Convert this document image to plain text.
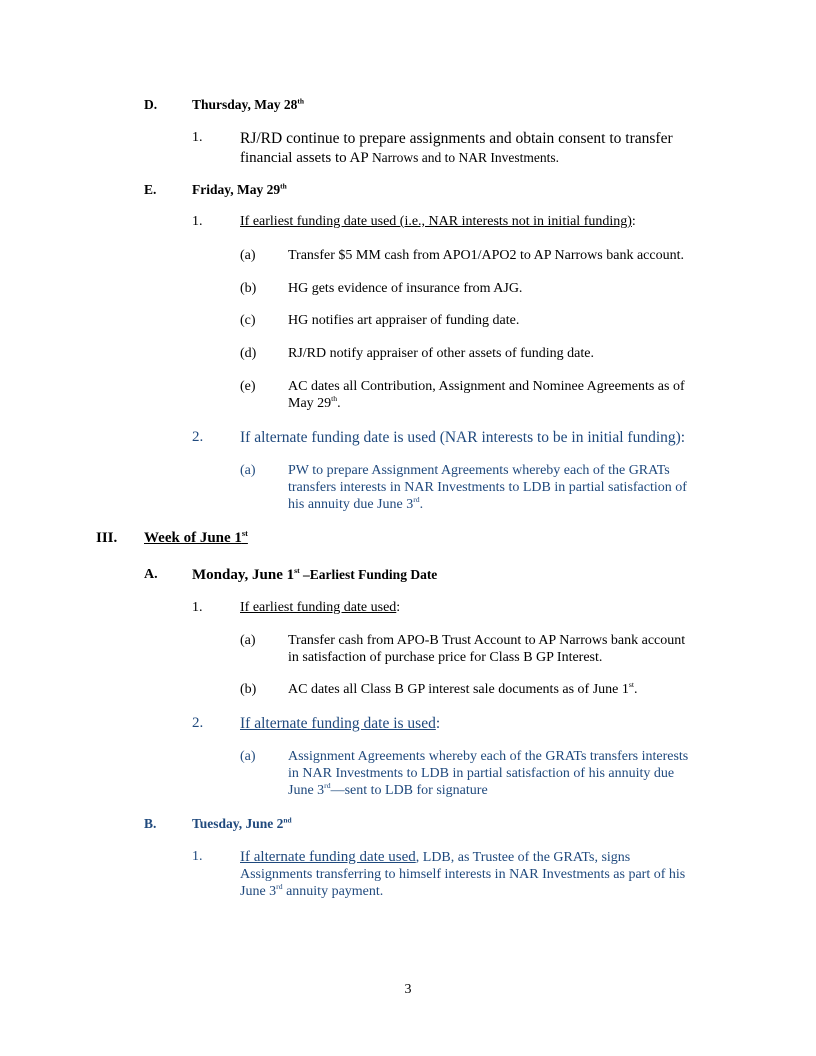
D.	Thursday, May 28th
1. RJ/RD continue to prepare assignments and obtain consent to transfer
financial assets to AP Narrows and to NAR Investments.
E.	Friday, May 29th
1.	If earliest funding date used (i.e., NAR interests not in initial funding):
(a) Transfer $5 MM cash from APO1/APO2 to AP Narrows bank account.
(b) HG gets evidence of insurance from AJG.
(c) HG notifies art appraiser of funding date.
(d) RJ/RD notify appraiser of other assets of funding date.
(e) AC dates all Contribution, Assignment and Nominee Agreements as of
May 29th.
2. If alternate funding date is used (NAR interests to be in initial funding):
(a) PW to prepare Assignment Agreements whereby each of the GRATs
transfers interests in NAR Investments to LDB in partial satisfaction of
his annuity due June 3rd.
III. Week of June 1st
A. Monday, June 1st –Earliest Funding Date
1.	If earliest funding date used:
(a) Transfer cash from APO-B Trust Account to AP Narrows bank account
in satisfaction of purchase price for Class B GP Interest.
(b) AC dates all Class B GP interest sale documents as of June 1st.
2. If alternate funding date is used:
(a) Assignment Agreements whereby each of the GRATs transfers interests
in NAR Investments to LDB in partial satisfaction of his annuity due
June 3rd—sent to LDB for signature
B.	Tuesday, June 2nd
1.	If alternate funding date used, LDB, as Trustee of the GRATs, signs
Assignments transferring to himself interests in NAR Investments as part of his
June 3rd annuity payment.
3
